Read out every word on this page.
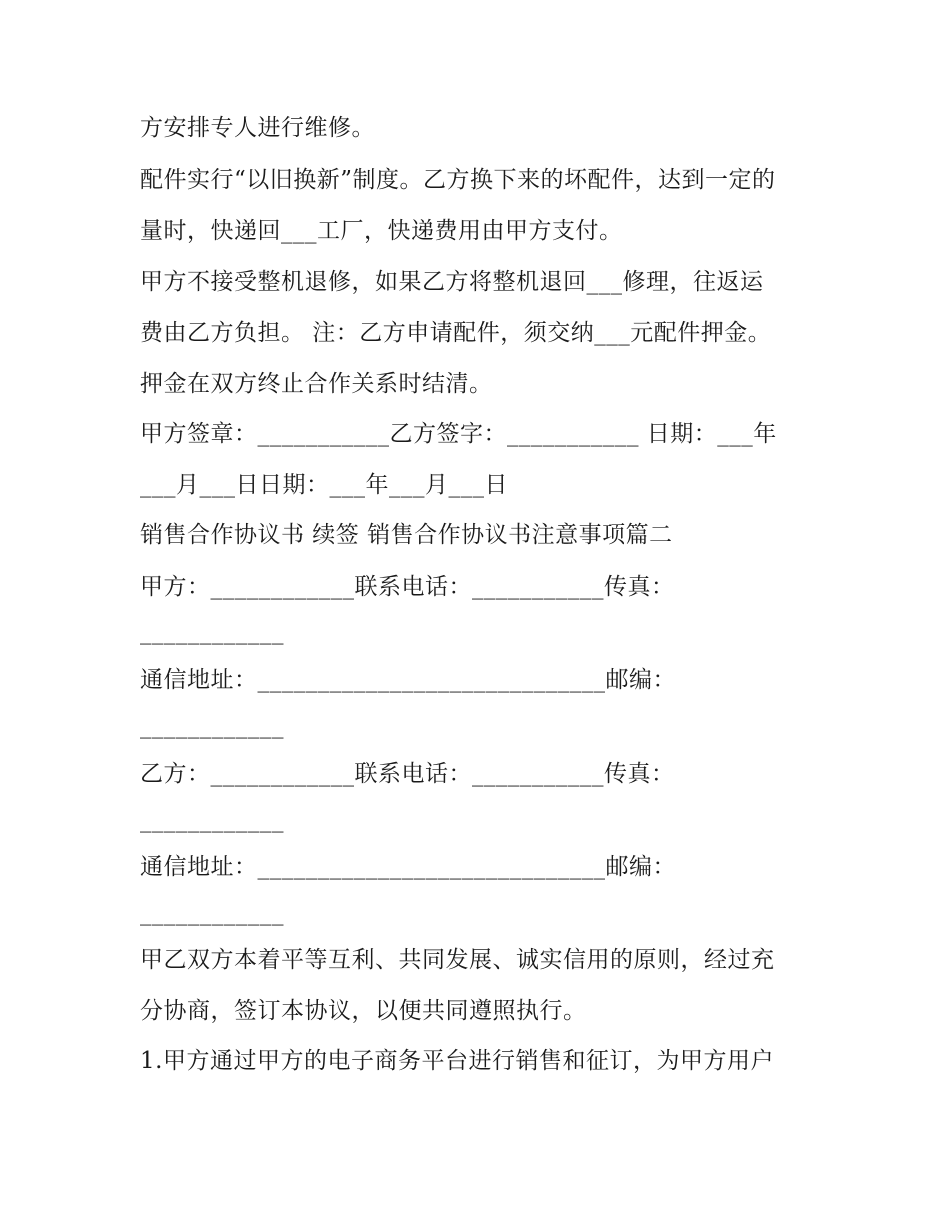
方安排专人进行维修。

配件实行“以旧换新”制度。乙方换下来的坏配件，达到一定的

量时，快递回___工厂，快递费用由甲方支付。

甲方不接受整机退修，如果乙方将整机退回___修理，往返运

费由乙方负担。 注：乙方申请配件，须交纳___元配件押金。

押金在双方终止合作关系时结清。

甲方签章：___________乙方签字：___________ 日期：___年

___月___日日期：___年___月___日

销售合作协议书 续签 销售合作协议书注意事项篇二

甲方：____________联系电话：___________传真：

____________

通信地址：_____________________________邮编：

____________

乙方：____________联系电话：___________传真：

____________

通信地址：_____________________________邮编：

____________

甲乙双方本着平等互利、共同发展、诚实信用的原则，经过充

分协商，签订本协议，以便共同遵照执行。

1.甲方通过甲方的电子商务平台进行销售和征订，为甲方用户
